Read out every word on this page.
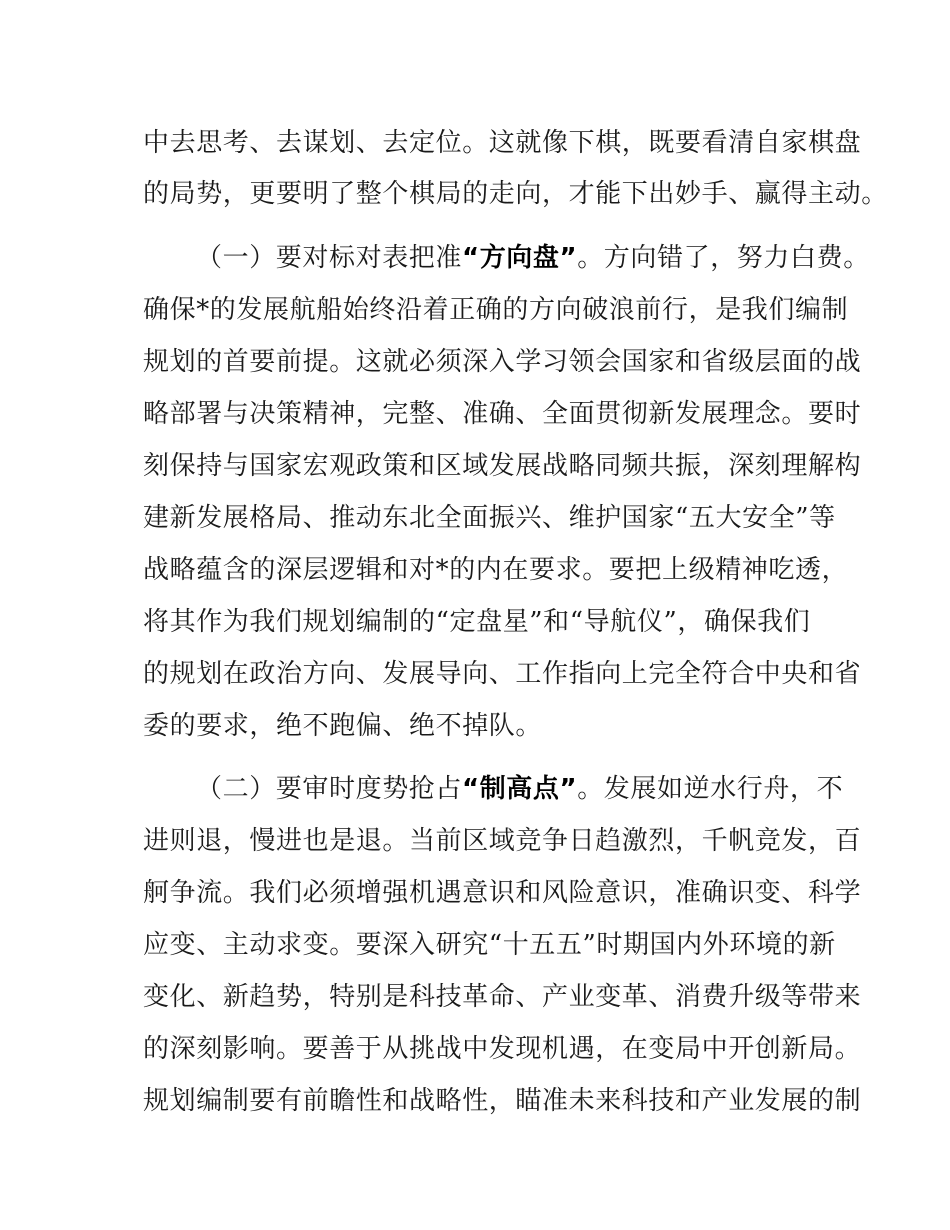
中去思考、去谋划、去定位。这就像下棋，既要看清自家棋盘
的局势，更要明了整个棋局的走向，才能下出妙手、赢得主动。
（一）要对标对表把准“方向盘”。方向错了，努力白费。
确保*的发展航船始终沿着正确的方向破浪前行，是我们编制
规划的首要前提。这就必须深入学习领会国家和省级层面的战
略部署与决策精神，完整、准确、全面贯彻新发展理念。要时
刻保持与国家宏观政策和区域发展战略同频共振，深刻理解构
建新发展格局、推动东北全面振兴、维护国家“五大安全”等
战略蕴含的深层逻辑和对*的内在要求。要把上级精神吃透，
将其作为我们规划编制的“定盘星”和“导航仪”，确保我们
的规划在政治方向、发展导向、工作指向上完全符合中央和省
委的要求，绝不跑偏、绝不掉队。
（二）要审时度势抢占“制高点”。发展如逆水行舟，不
进则退，慢进也是退。当前区域竞争日趋激烈，千帆竞发，百
舸争流。我们必须增强机遇意识和风险意识，准确识变、科学
应变、主动求变。要深入研究“十五五”时期国内外环境的新
变化、新趋势，特别是科技革命、产业变革、消费升级等带来
的深刻影响。要善于从挑战中发现机遇，在变局中开创新局。
规划编制要有前瞻性和战略性，瞄准未来科技和产业发展的制
